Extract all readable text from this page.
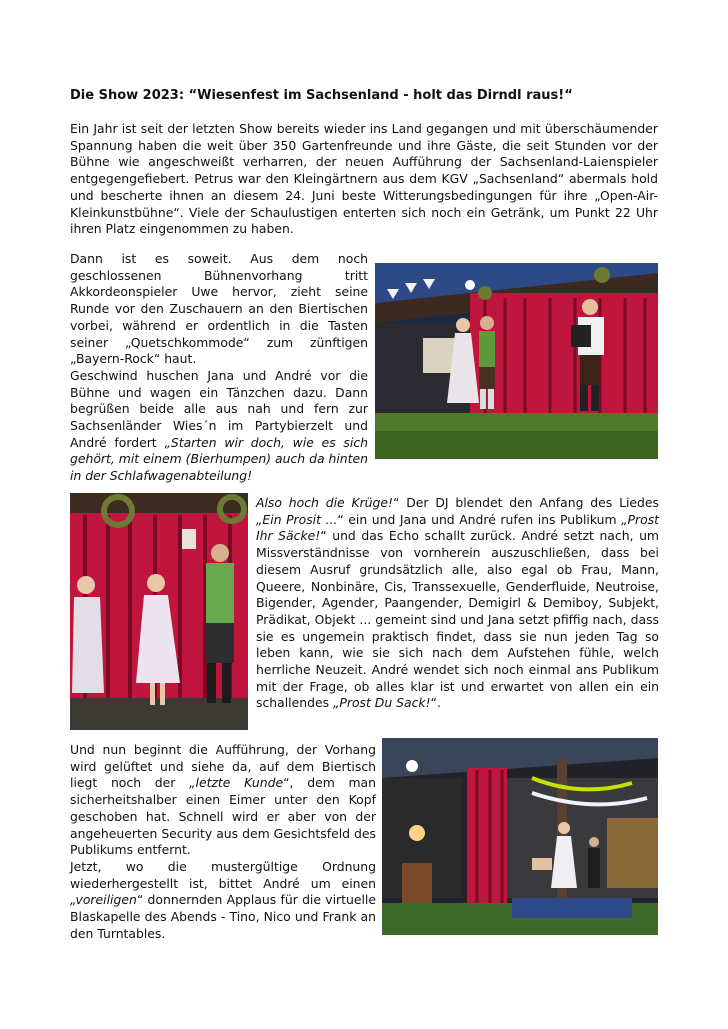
Die Show 2023: “Wiesenfest im Sachsenland - holt das Dirndl raus!“

Ein Jahr ist seit der letzten Show bereits wieder ins Land gegangen und mit überschäumender Spannung haben die weit über 350 Gartenfreunde und ihre Gäste, die seit Stunden vor der Bühne wie angeschweißt verharren, der neuen Aufführung der Sachsenland-Laienspieler entgegengefiebert. Petrus war den Kleingärtnern aus dem KGV „Sachsenland“ abermals hold und bescherte ihnen an diesem 24. Juni beste Witterungsbedingungen für ihre „Open-Air-Kleinkunstbühne“. Viele der Schaulustigen enterten sich noch ein Getränk, um Punkt 22 Uhr ihren Platz eingenommen zu haben.

Dann ist es soweit. Aus dem noch geschlossenen Bühnenvorhang tritt Akkordeonspieler Uwe hervor, zieht seine Runde vor den Zuschauern an den Biertischen vorbei, während er ordentlich in die Tasten seiner „Quetschkommode“ zum zünftigen „Bayern-Rock“ haut.

Geschwind huschen Jana und André vor die Bühne und wagen ein Tänzchen dazu. Dann begrüßen beide alle aus nah und fern zur Sachsenländer Wies´n im Partybierzelt und André fordert „Starten wir doch, wie es sich gehört, mit einem (Bierhumpen) auch da hinten in der Schlafwagenabteilung!

Also hoch die Krüge!“ Der DJ blendet den Anfang des Liedes „Ein Prosit ...“ ein und Jana und André rufen ins Publikum „Prost Ihr Säcke!“ und das Echo schallt zurück. André setzt nach, um Missverständnisse von vornherein auszuschließen, dass bei diesem Ausruf grundsätzlich alle, also egal ob Frau, Mann, Queere, Nonbinäre, Cis, Transsexuelle, Genderfluide, Neutroise, Bigender, Agender, Paangender, Demigirl & Demiboy, Subjekt, Prädikat, Objekt ... gemeint sind und Jana setzt pfiffig nach, dass sie es ungemein praktisch findet, dass sie nun jeden Tag so leben kann, wie sie sich nach dem Aufstehen fühle, welch herrliche Neuzeit. André wendet sich noch einmal ans Publikum mit der Frage, ob alles klar ist und erwartet von allen ein ein schallendes „Prost Du Sack!“.

Und nun beginnt die Aufführung, der Vorhang wird gelüftet und siehe da, auf dem Biertisch liegt noch der „letzte Kunde“, dem man sicherheitshalber einen Eimer unter den Kopf geschoben hat. Schnell wird er aber von der angeheuerten Security aus dem Gesichtsfeld des Publikums entfernt.

Jetzt, wo die mustergültige Ordnung wiederhergestellt ist, bittet André um einen „voreiligen“ donnernden Applaus für die virtuelle Blaskapelle des Abends - Tino, Nico und Frank an den Turntables.
